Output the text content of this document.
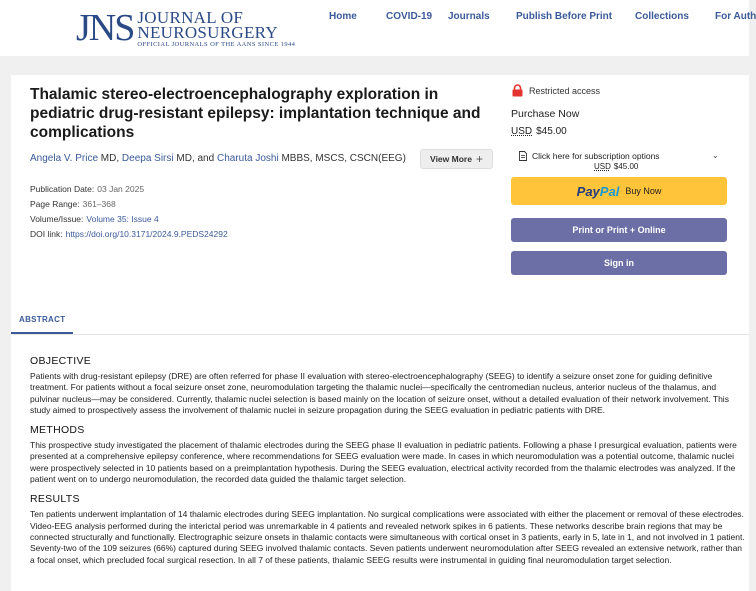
JNS JOURNAL OF
NEUROSURGERY
OFFICIAL JOURNALS OF THE AANS SINCE 1944
Home	COVID-19 Journals	Publish Before Print Collections	For Auth
Thalamic stereo-electroencephalography exploration in pediatric drug-resistant epilepsy: implantation technique and complications
Angela V. Price MD, Deepa Sirsi MD, and Charuta Joshi MBBS, MSCS, CSCN(EEG)	View More +
Publication Date: 03 Jan 2025
Page Range: 361–368
Volume/Issue: Volume 35: Issue 4
DOI link: https://doi.org/10.3171/2024.9.PEDS24292
Restricted access
Purchase Now
USD $45.00
Click here for subscription options	⌄
USD $45.00
PayPal Buy Now
Print or Print + Online
Sign in
ABSTRACT
OBJECTIVE

Patients with drug-resistant epilepsy (DRE) are often referred for phase II evaluation with stereo-electroencephalography (SEEG) to identify a seizure onset zone for guiding definitive treatment. For patients without a focal seizure onset zone, neuromodulation targeting the thalamic nuclei—specifically the centromedian nucleus, anterior nucleus of the thalamus, and pulvinar nucleus—may be considered. Currently, thalamic nuclei selection is based mainly on the location of seizure onset, without a detailed evaluation of their network involvement. This study aimed to prospectively assess the involvement of thalamic nuclei in seizure propagation during the SEEG evaluation in pediatric patients with DRE.

METHODS

This prospective study investigated the placement of thalamic electrodes during the SEEG phase II evaluation in pediatric patients. Following a phase I presurgical evaluation, patients were presented at a comprehensive epilepsy conference, where recommendations for SEEG evaluation were made. In cases in which neuromodulation was a potential outcome, thalamic nuclei were prospectively selected in 10 patients based on a preimplantation hypothesis. During the SEEG evaluation, electrical activity recorded from the thalamic electrodes was analyzed. If the patient went on to undergo neuromodulation, the recorded data guided the thalamic target selection.

RESULTS

Ten patients underwent implantation of 14 thalamic electrodes during SEEG implantation. No surgical complications were associated with either the placement or removal of these electrodes. Video-EEG analysis performed during the interictal period was unremarkable in 4 patients and revealed network spikes in 6 patients. These networks describe brain regions that may be connected structurally and functionally. Electrographic seizure onsets in thalamic contacts were simultaneous with cortical onset in 3 patients, early in 5, late in 1, and not involved in 1 patient. Seventy-two of the 109 seizures (66%) captured during SEEG involved thalamic contacts. Seven patients underwent neuromodulation after SEEG revealed an extensive network, rather than a focal onset, which precluded focal surgical resection. In all 7 of these patients, thalamic SEEG results were instrumental in guiding final neuromodulation target selection.
